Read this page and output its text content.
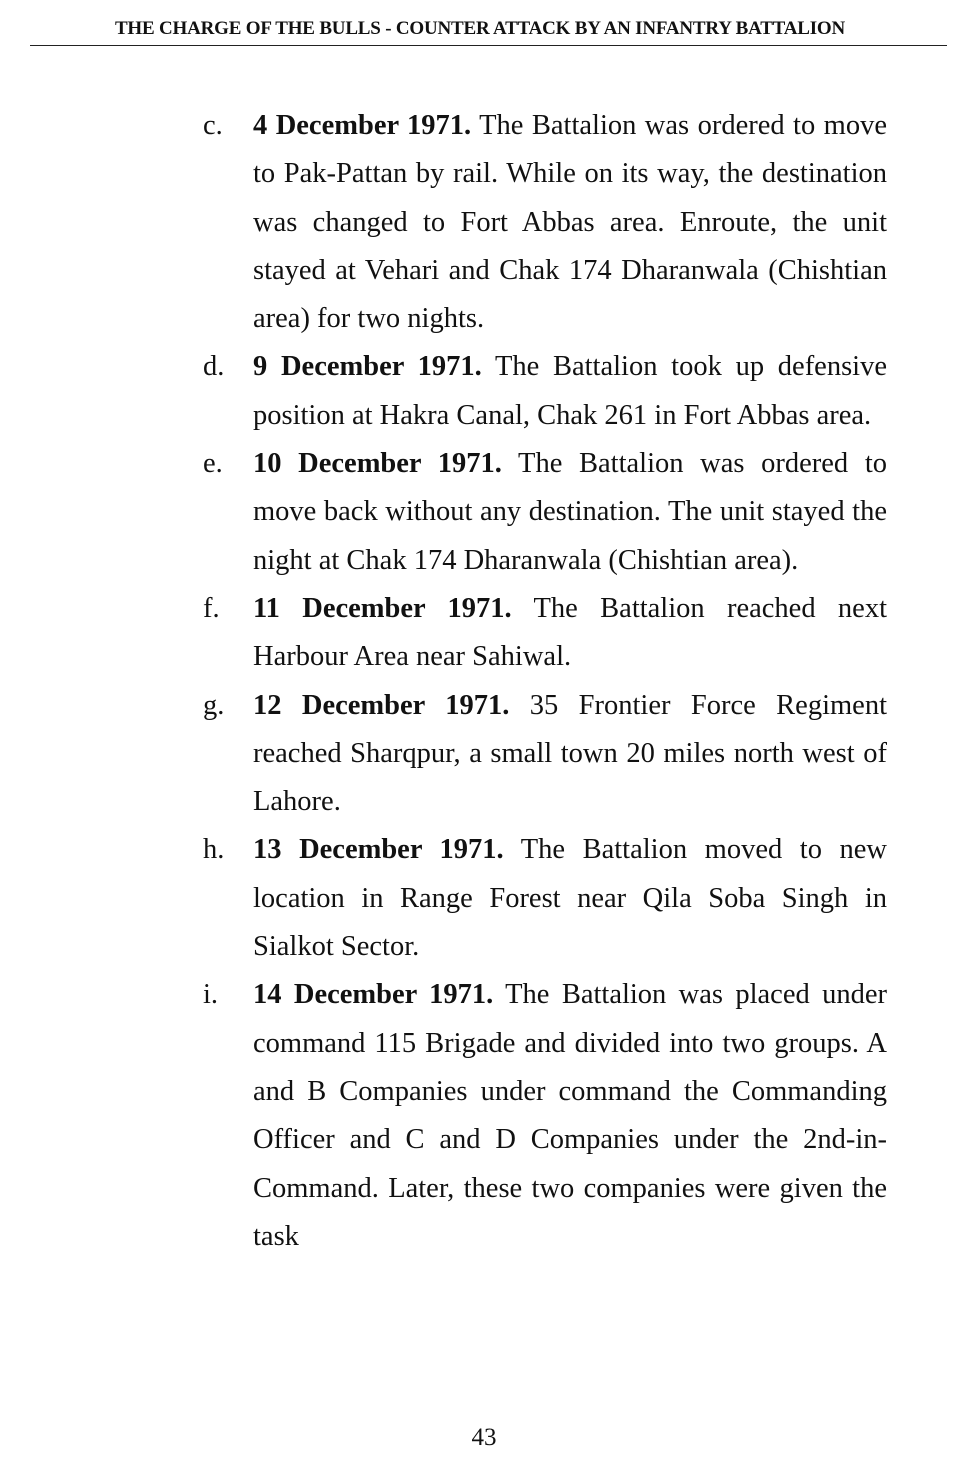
THE CHARGE OF THE BULLS - COUNTER ATTACK BY AN INFANTRY BATTALION
c.	4 December 1971. The Battalion was ordered to move to Pak-Pattan by rail. While on its way, the destination was changed to Fort Abbas area. Enroute, the unit stayed at Vehari and Chak 174 Dharanwala (Chishtian area) for two nights.
d.	9 December 1971. The Battalion took up defensive position at Hakra Canal, Chak 261 in Fort Abbas area.
e.	10 December 1971. The Battalion was ordered to move back without any destination. The unit stayed the night at Chak 174 Dharanwala (Chishtian area).
f.	11 December 1971. The Battalion reached next Harbour Area near Sahiwal.
g.	12 December 1971. 35 Frontier Force Regiment reached Sharqpur, a small town 20 miles north west of Lahore.
h.	13 December 1971. The Battalion moved to new location in Range Forest near Qila Soba Singh in Sialkot Sector.
i.	14 December 1971. The Battalion was placed under command 115 Brigade and divided into two groups. A and B Companies under command the Commanding Officer and C and D Companies under the 2nd-in-Command. Later, these two companies were given the task
43
